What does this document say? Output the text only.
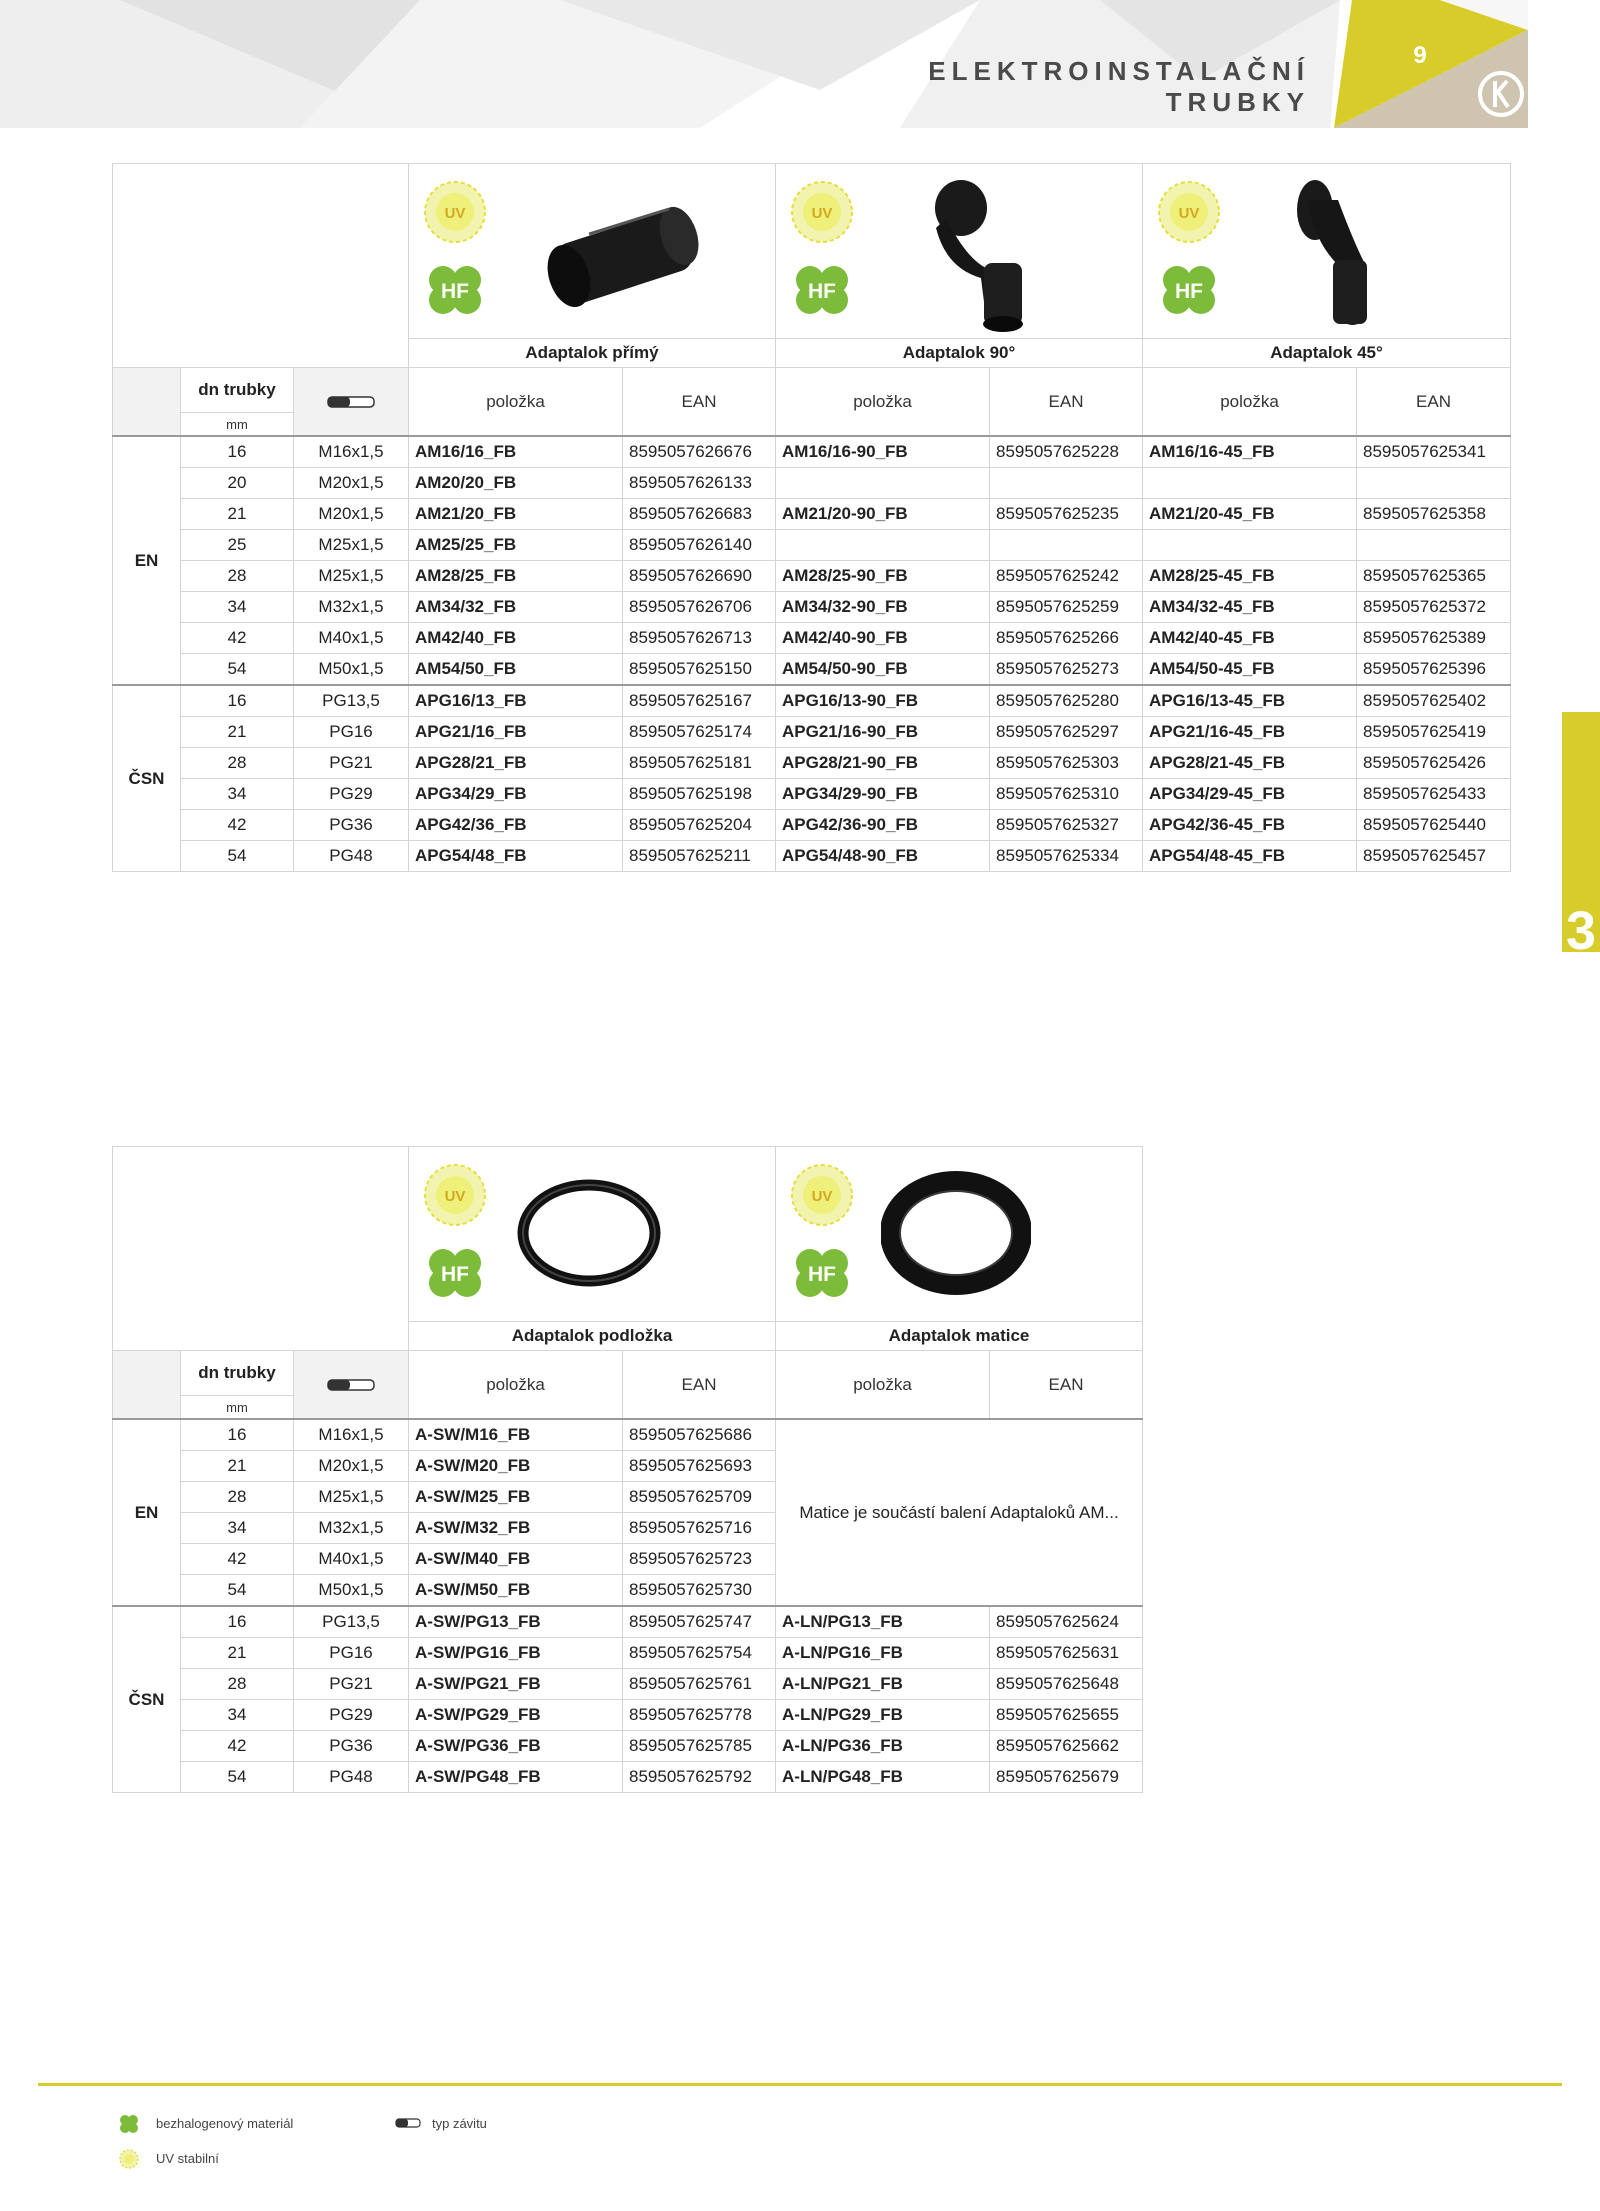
ELEKTROINSTALAČNÍ TRUBKY
9
3

UV
HF		UV
HF		UV
HF	

			Adaptalok přímý		Adaptalok 90°		Adaptalok 45°	
	dn trubky		položka	EAN	položka	EAN	položka	EAN
	mm							
EN	16	M16x1,5	AM16/16_FB	8595057626676	AM16/16-90_FB	8595057625228	AM16/16-45_FB	8595057625341
	20	M20x1,5	AM20/20_FB	8595057626133				
	21	M20x1,5	AM21/20_FB	8595057626683	AM21/20-90_FB	8595057625235	AM21/20-45_FB	8595057625358
	25	M25x1,5	AM25/25_FB	8595057626140				
	28	M25x1,5	AM28/25_FB	8595057626690	AM28/25-90_FB	8595057625242	AM28/25-45_FB	8595057625365
	34	M32x1,5	AM34/32_FB	8595057626706	AM34/32-90_FB	8595057625259	AM34/32-45_FB	8595057625372
	42	M40x1,5	AM42/40_FB	8595057626713	AM42/40-90_FB	8595057625266	AM42/40-45_FB	8595057625389
	54	M50x1,5	AM54/50_FB	8595057625150	AM54/50-90_FB	8595057625273	AM54/50-45_FB	8595057625396
ČSN	16	PG13,5	APG16/13_FB	8595057625167	APG16/13-90_FB	8595057625280	APG16/13-45_FB	8595057625402
	21	PG16	APG21/16_FB	8595057625174	APG21/16-90_FB	8595057625297	APG21/16-45_FB	8595057625419
	28	PG21	APG28/21_FB	8595057625181	APG28/21-90_FB	8595057625303	APG28/21-45_FB	8595057625426
	34	PG29	APG34/29_FB	8595057625198	APG34/29-90_FB	8595057625310	APG34/29-45_FB	8595057625433
	42	PG36	APG42/36_FB	8595057625204	APG42/36-90_FB	8595057625327	APG42/36-45_FB	8595057625440
	54	PG48	APG54/48_FB	8595057625211	APG54/48-90_FB	8595057625334	APG54/48-45_FB	8595057625457

UV
HF		UV
HF	

			Adaptalok podložka		Adaptalok matice	
	dn trubky		položka	EAN	položka	EAN
	mm					
EN	16	M16x1,5	A-SW/M16_FB	8595057625686	Matice je součástí balení Adaptaloků AM...	
	21	M20x1,5	A-SW/M20_FB	8595057625693		
	28	M25x1,5	A-SW/M25_FB	8595057625709		
	34	M32x1,5	A-SW/M32_FB	8595057625716		
	42	M40x1,5	A-SW/M40_FB	8595057625723		
	54	M50x1,5	A-SW/M50_FB	8595057625730		
ČSN	16	PG13,5	A-SW/PG13_FB	8595057625747	A-LN/PG13_FB	8595057625624
	21	PG16	A-SW/PG16_FB	8595057625754	A-LN/PG16_FB	8595057625631
	28	PG21	A-SW/PG21_FB	8595057625761	A-LN/PG21_FB	8595057625648
	34	PG29	A-SW/PG29_FB	8595057625778	A-LN/PG29_FB	8595057625655
	42	PG36	A-SW/PG36_FB	8595057625785	A-LN/PG36_FB	8595057625662
	54	PG48	A-SW/PG48_FB	8595057625792	A-LN/PG48_FB	8595057625679
bezhalogenový materiál	typ závitu
UV stabilní
